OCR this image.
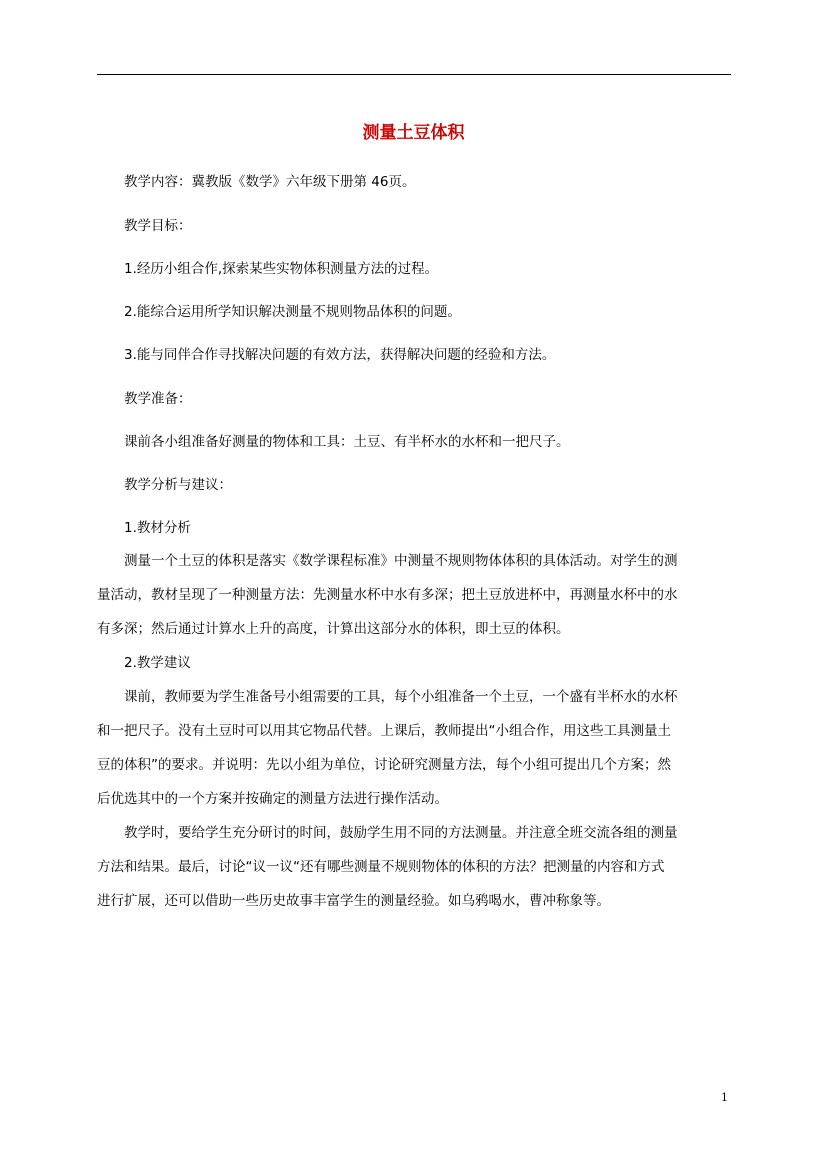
测量土豆体积
　　教学内容：冀教版《数学》六年级下册第 46页。
　　教学目标：
　　1.经历小组合作,探索某些实物体积测量方法的过程。
　　2.能综合运用所学知识解决测量不规则物品体积的问题。
　　3.能与同伴合作寻找解决问题的有效方法，获得解决问题的经验和方法。
　　教学准备：
　　课前各小组准备好测量的物体和工具：土豆、有半杯水的水杯和一把尺子。
　　教学分析与建议：
　　1.教材分析
　　测量一个土豆的体积是落实《数学课程标准》中测量不规则物体体积的具体活动。对学生的测
量活动，教材呈现了一种测量方法：先测量水杯中水有多深；把土豆放进杯中，再测量水杯中的水
有多深；然后通过计算水上升的高度，计算出这部分水的体积，即土豆的体积。
　　2.教学建议
　　课前，教师要为学生准备号小组需要的工具，每个小组准备一个土豆，一个盛有半杯水的水杯
和一把尺子。没有土豆时可以用其它物品代替。上课后，教师提出“小组合作，用这些工具测量土
豆的体积”的要求。并说明：先以小组为单位，讨论研究测量方法，每个小组可提出几个方案；然
后优选其中的一个方案并按确定的测量方法进行操作活动。
　　教学时，要给学生充分研讨的时间，鼓励学生用不同的方法测量。并注意全班交流各组的测量
方法和结果。最后，讨论“议一议“还有哪些测量不规则物体的体积的方法？把测量的内容和方式
进行扩展，还可以借助一些历史故事丰富学生的测量经验。如乌鸦喝水，曹冲称象等。
1
